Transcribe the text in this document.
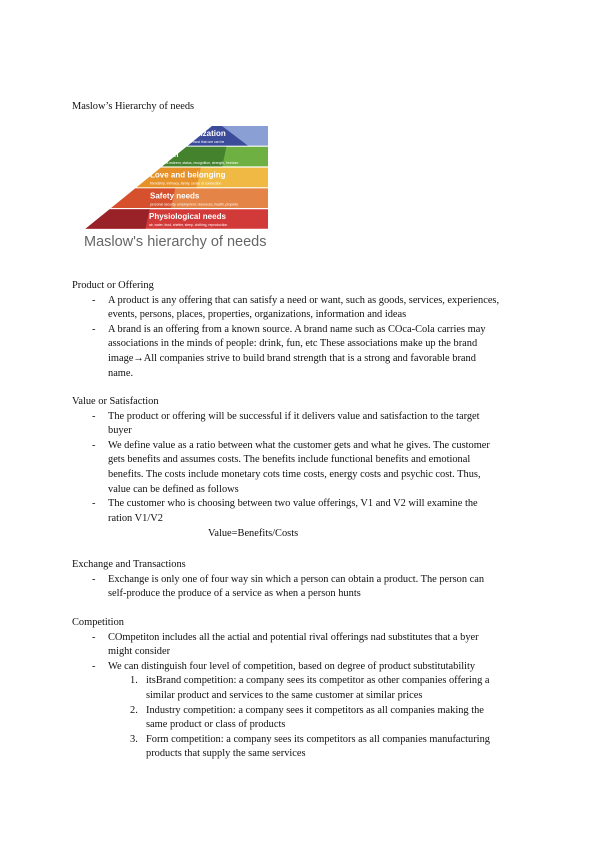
Maslow’s Hierarchy of needs
Self-actualization
desire to become the most that one can be
Esteem
respect, self-esteem, status, recognition, strength, freedom
Love and belonging
friendship, intimacy, family, sense of connection
Safety needs
personal security, employment, resources, health, property
Physiological needs
air, water, food, shelter, sleep, clothing, reproduction
Maslow's hierarchy of needs
Product or Offering
- A product is any offering that can satisfy a need or want, such as goods, services, experiences,
events, persons, places, properties, organizations, information and ideas
- A brand is an offering from a known source. A brand name such as COca-Cola carries may
associations in the minds of people: drink, fun, etc These associations make up the brand
image→All companies strive to build brand strength that is a strong and favorable brand
name.
Value or Satisfaction
- The product or offering will be successful if it delivers value and satisfaction to the target
buyer
- We define value as a ratio between what the customer gets and what he gives. The customer
gets benefits and assumes costs. The benefits include functional benefits and emotional
benefits. The costs include monetary cots time costs, energy costs and psychic cost. Thus,
value can be defined as follows
- The customer who is choosing between two value offerings, V1 and V2 will examine the
ration V1/V2
Value=Benefits/Costs
Exchange and Transactions
- Exchange is only one of four way sin which a person can obtain a product. The person can
self-produce the produce of a service as when a person hunts
Competition
- COmpetiton includes all the actial and potential rival offerings nad substitutes that a byer
might consider
- We can distinguish four level of competition, based on degree of product substitutability
1. itsBrand competition: a company sees its competitor as other companies offering a
similar product and services to the same customer at similar prices
2. Industry competition: a company sees it competitors as all companies making the
same product or class of products
3. Form competition: a company sees its competitors as all companies manufacturing
products that supply the same services
